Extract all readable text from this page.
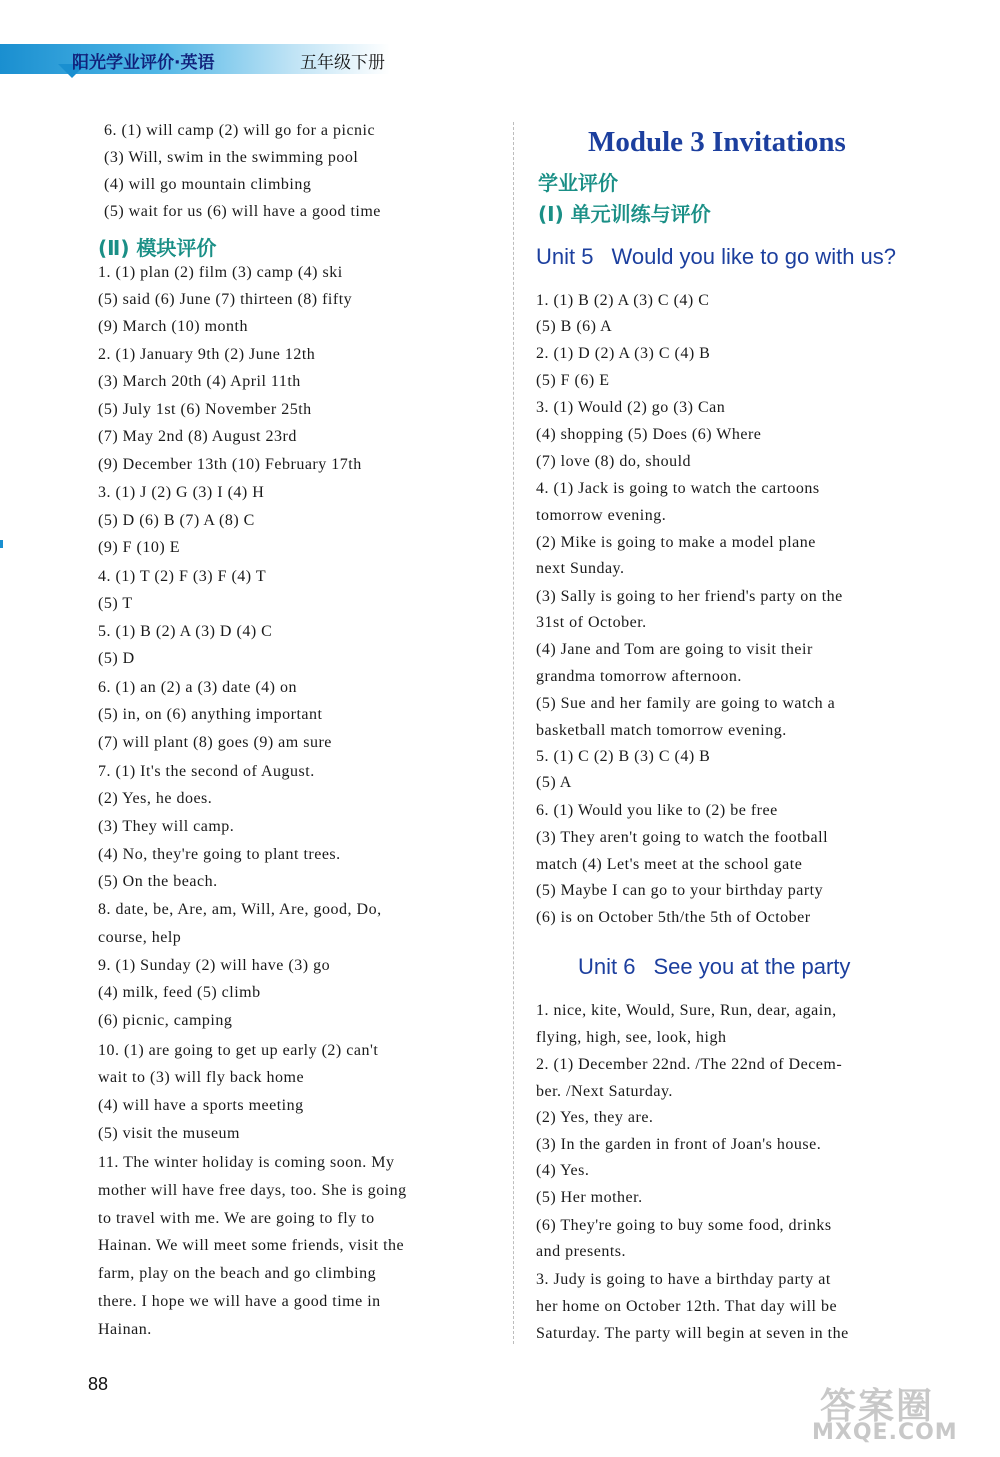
阳光学业评价·英语	五年级下册
6. (1) will camp (2) will go for a picnic
(3) Will, swim in the swimming pool
(4) will go mountain climbing
(5) wait for us (6) will have a good time
(Ⅱ) 模块评价
1. (1) plan (2) film (3) camp (4) ski
(5) said (6) June (7) thirteen (8) fifty
(9) March (10) month
2. (1) January 9th (2) June 12th
(3) March 20th (4) April 11th
(5) July 1st (6) November 25th
(7) May 2nd (8) August 23rd
(9) December 13th (10) February 17th
3. (1) J (2) G (3) I (4) H
(5) D (6) B (7) A (8) C
(9) F (10) E
4. (1) T (2) F (3) F (4) T
(5) T
5. (1) B (2) A (3) D (4) C
(5) D
6. (1) an (2) a (3) date (4) on
(5) in, on (6) anything important
(7) will plant (8) goes (9) am sure
7. (1) It's the second of August.
(2) Yes, he does.
(3) They will camp.
(4) No, they're going to plant trees.
(5) On the beach.
8. date, be, Are, am, Will, Are, good, Do,
course, help
9. (1) Sunday (2) will have (3) go
(4) milk, feed (5) climb
(6) picnic, camping
10. (1) are going to get up early (2) can't
wait to (3) will fly back home
(4) will have a sports meeting
(5) visit the museum
11. The winter holiday is coming soon. My
mother will have free days, too. She is going
to travel with me. We are going to fly to
Hainan. We will meet some friends, visit the
farm, play on the beach and go climbing
there. I hope we will have a good time in
Hainan.
Module 3 Invitations
学业评价
(Ⅰ) 单元训练与评价
Unit 5 Would you like to go with us?
1. (1) B (2) A (3) C (4) C
(5) B (6) A
2. (1) D (2) A (3) C (4) B
(5) F (6) E
3. (1) Would (2) go (3) Can
(4) shopping (5) Does (6) Where
(7) love (8) do, should
4. (1) Jack is going to watch the cartoons
tomorrow evening.
(2) Mike is going to make a model plane
next Sunday.
(3) Sally is going to her friend's party on the
31st of October.
(4) Jane and Tom are going to visit their
grandma tomorrow afternoon.
(5) Sue and her family are going to watch a
basketball match tomorrow evening.
5. (1) C (2) B (3) C (4) B
(5) A
6. (1) Would you like to (2) be free
(3) They aren't going to watch the football
match (4) Let's meet at the school gate
(5) Maybe I can go to your birthday party
(6) is on October 5th/the 5th of October
Unit 6 See you at the party
1. nice, kite, Would, Sure, Run, dear, again,
flying, high, see, look, high
2. (1) December 22nd. /The 22nd of Decem-
ber. /Next Saturday.
(2) Yes, they are.
(3) In the garden in front of Joan's house.
(4) Yes.
(5) Her mother.
(6) They're going to buy some food, drinks
and presents.
3. Judy is going to have a birthday party at
her home on October 12th. That day will be
Saturday. The party will begin at seven in the
88
答案圈
MXQE.COM
